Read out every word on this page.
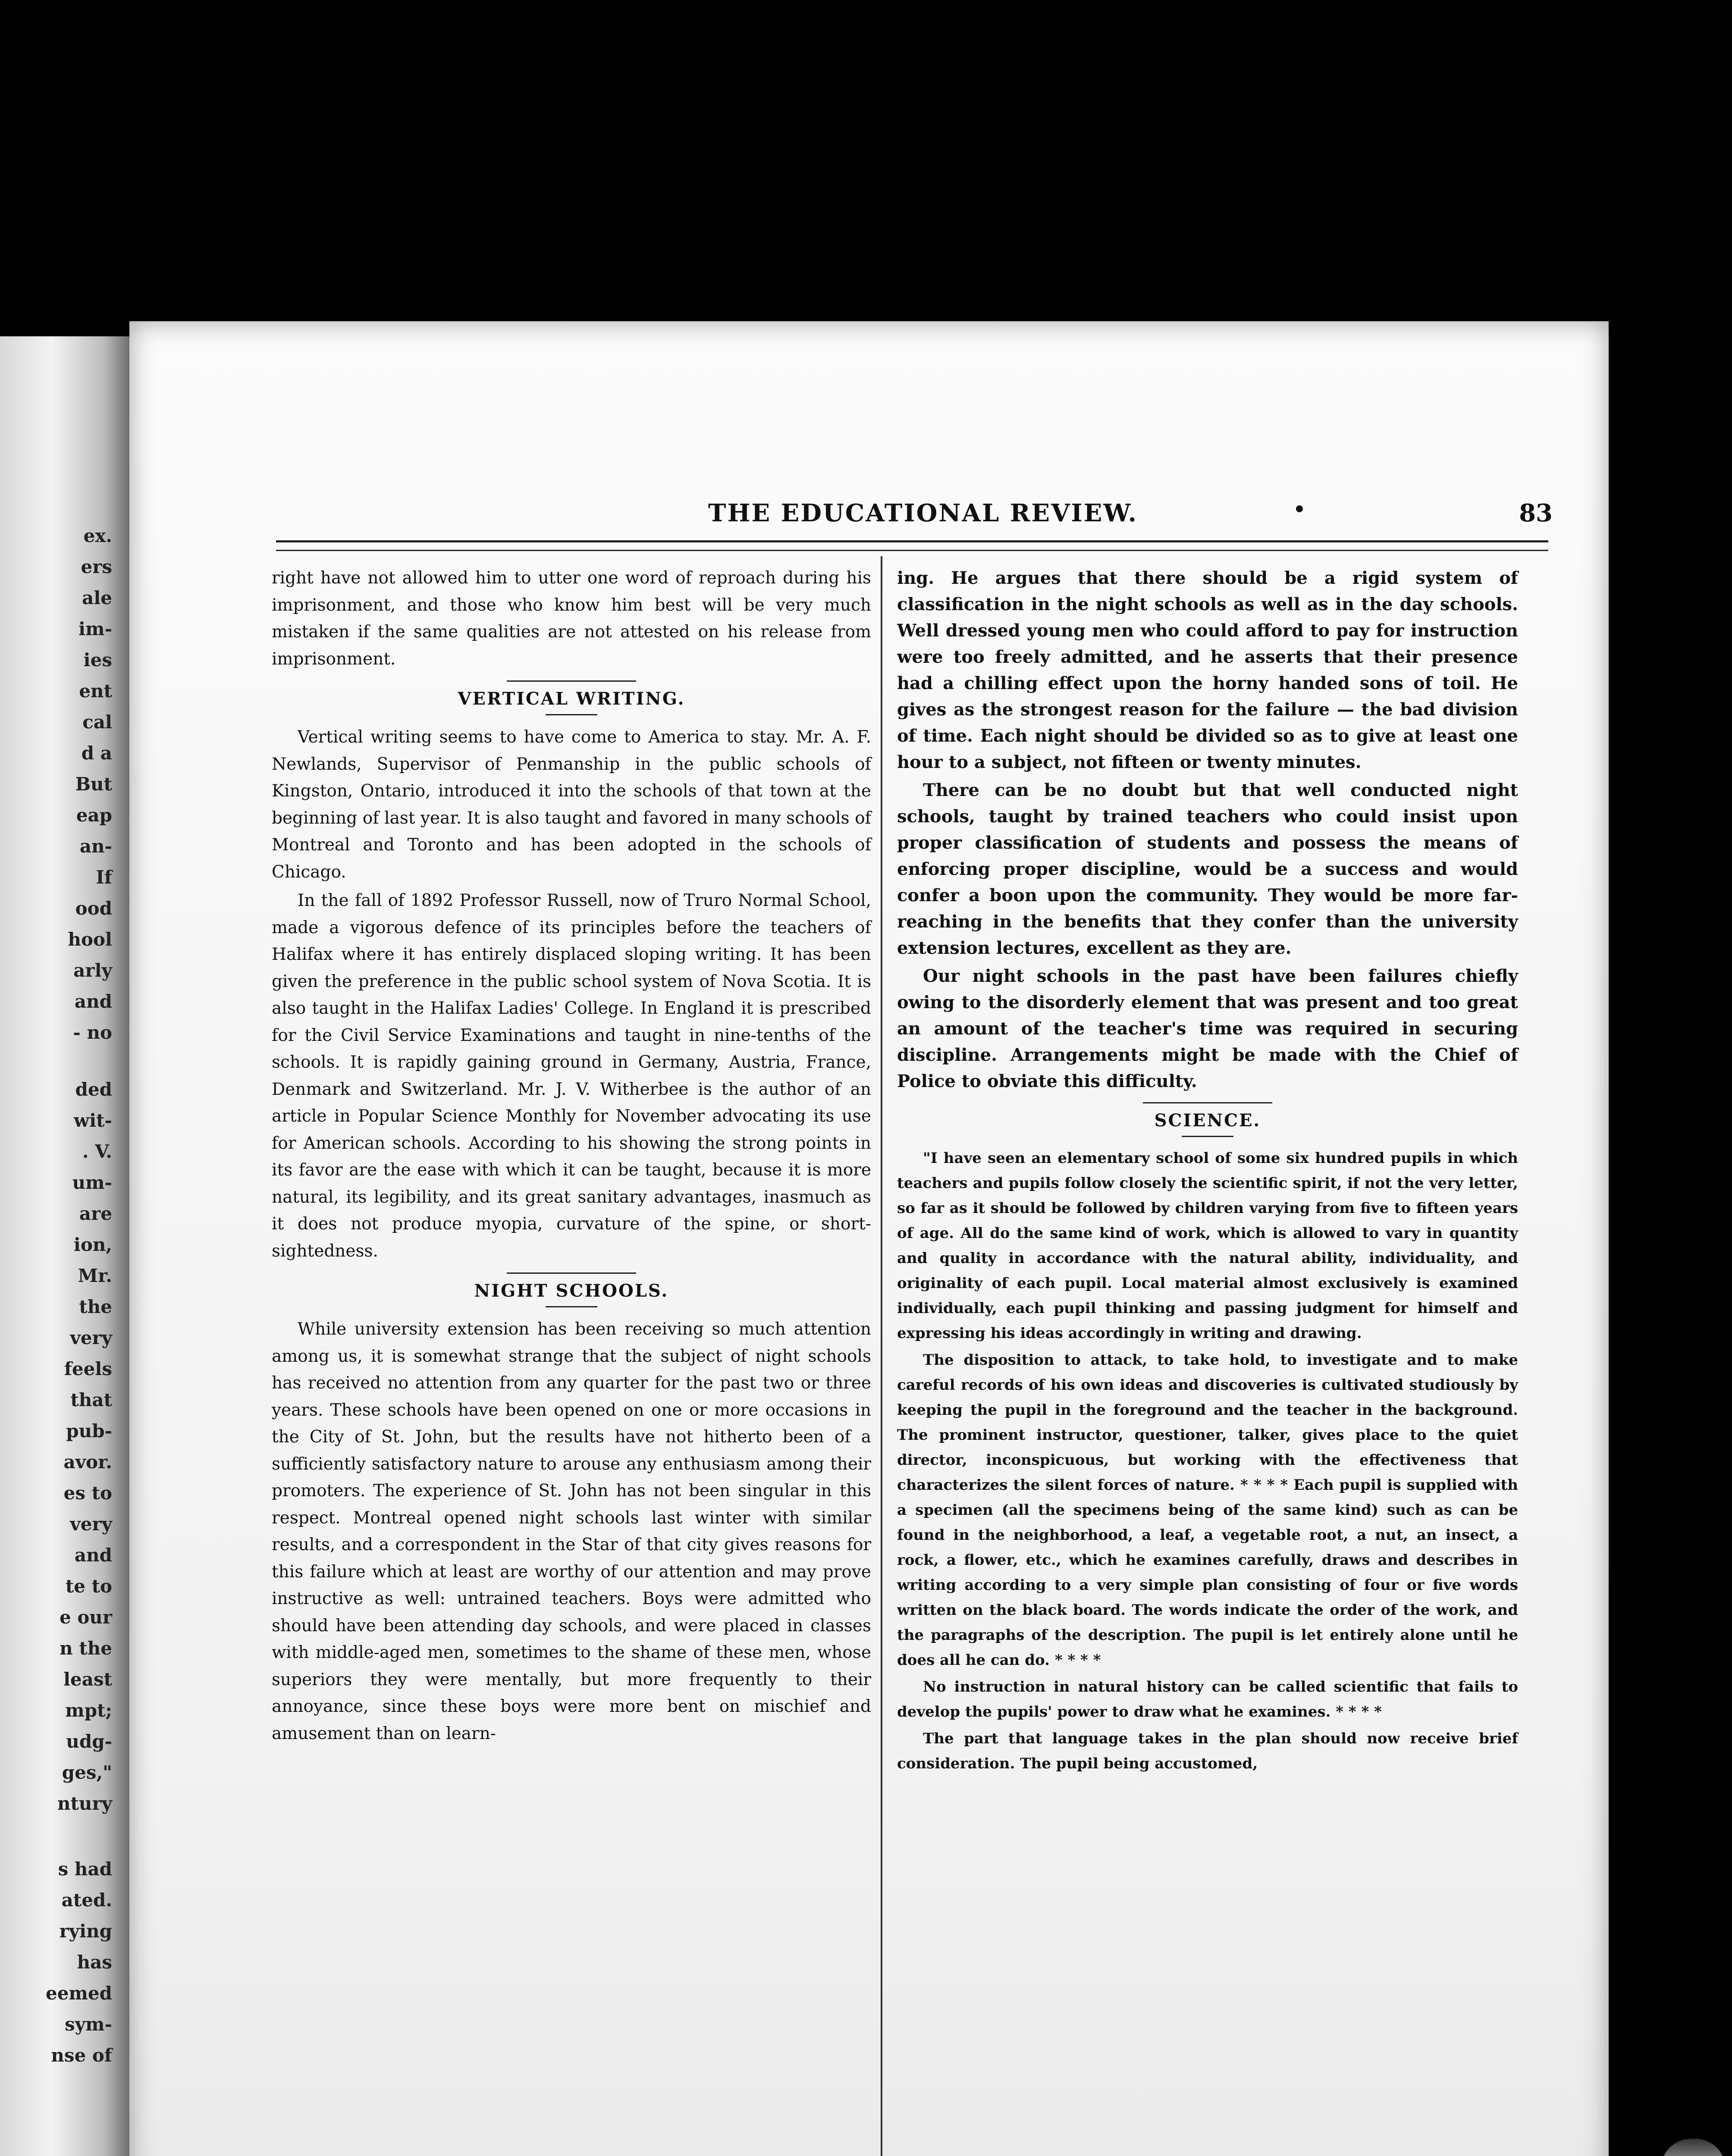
ex.
ers
ale
im-
ies
ent
cal
d a
But
eap
an-
If
ood
hool
arly
and
- no
ded
wit-
. V.
um-
are
ion,
Mr.
the
very
feels
that
pub-
avor.
es to
very
and
te to
e our
n the
least
mpt;
udg-
ges,"
ntury
s had
ated.
rying
has
eemed
sym-
nse of
THE EDUCATIONAL REVIEW.	83

right have not allowed him to utter one word of reproach during his imprisonment, and those who know him best will be very much mistaken if the same qualities are not attested on his release from imprisonment.

VERTICAL WRITING.

Vertical writing seems to have come to America to stay. Mr. A. F. Newlands, Supervisor of Penmanship in the public schools of Kingston, Ontario, introduced it into the schools of that town at the beginning of last year. It is also taught and favored in many schools of Montreal and Toronto and has been adopted in the schools of Chicago.

In the fall of 1892 Professor Russell, now of Truro Normal School, made a vigorous defence of its principles before the teachers of Halifax where it has entirely displaced sloping writing. It has been given the preference in the public school system of Nova Scotia. It is also taught in the Halifax Ladies' College. In England it is prescribed for the Civil Service Examinations and taught in nine-tenths of the schools. It is rapidly gaining ground in Germany, Austria, France, Denmark and Switzerland. Mr. J. V. Witherbee is the author of an article in Popular Science Monthly for November advocating its use for American schools. According to his showing the strong points in its favor are the ease with which it can be taught, because it is more natural, its legibility, and its great sanitary advantages, inasmuch as it does not produce myopia, curvature of the spine, or short-sightedness.

NIGHT SCHOOLS.

While university extension has been receiving so much attention among us, it is somewhat strange that the subject of night schools has received no attention from any quarter for the past two or three years. These schools have been opened on one or more occasions in the City of St. John, but the results have not hitherto been of a sufficiently satisfactory nature to arouse any enthusiasm among their promoters. The experience of St. John has not been singular in this respect. Montreal opened night schools last winter with similar results, and a correspondent in the Star of that city gives reasons for this failure which at least are worthy of our attention and may prove instructive as well: untrained teachers. Boys were admitted who should have been attending day schools, and were placed in classes with middle-aged men, sometimes to the shame of these men, whose superiors they were mentally, but more frequently to their annoyance, since these boys were more bent on mischief and amusement than on learn-

ing. He argues that there should be a rigid system of classification in the night schools as well as in the day schools. Well dressed young men who could afford to pay for instruction were too freely admitted, and he asserts that their presence had a chilling effect upon the horny handed sons of toil. He gives as the strongest reason for the failure — the bad division of time. Each night should be divided so as to give at least one hour to a subject, not fifteen or twenty minutes.

There can be no doubt but that well conducted night schools, taught by trained teachers who could insist upon proper classification of students and possess the means of enforcing proper discipline, would be a success and would confer a boon upon the community. They would be more far-reaching in the benefits that they confer than the university extension lectures, excellent as they are.

Our night schools in the past have been failures chiefly owing to the disorderly element that was present and too great an amount of the teacher's time was required in securing discipline. Arrangements might be made with the Chief of Police to obviate this difficulty.

SCIENCE.

"I have seen an elementary school of some six hundred pupils in which teachers and pupils follow closely the scientific spirit, if not the very letter, so far as it should be followed by children varying from five to fifteen years of age. All do the same kind of work, which is allowed to vary in quantity and quality in accordance with the natural ability, individuality, and originality of each pupil. Local material almost exclusively is examined individually, each pupil thinking and passing judgment for himself and expressing his ideas accordingly in writing and drawing.

The disposition to attack, to take hold, to investigate and to make careful records of his own ideas and discoveries is cultivated studiously by keeping the pupil in the foreground and the teacher in the background. The prominent instructor, questioner, talker, gives place to the quiet director, inconspicuous, but working with the effectiveness that characterizes the silent forces of nature. * * * * Each pupil is supplied with a specimen (all the specimens being of the same kind) such as can be found in the neighborhood, a leaf, a vegetable root, a nut, an insect, a rock, a flower, etc., which he examines carefully, draws and describes in writing according to a very simple plan consisting of four or five words written on the black board. The words indicate the order of the work, and the paragraphs of the description. The pupil is let entirely alone until he does all he can do. * * * *

No instruction in natural history can be called scientific that fails to develop the pupils' power to draw what he examines. * * * *

The part that language takes in the plan should now receive brief consideration. The pupil being accustomed,
